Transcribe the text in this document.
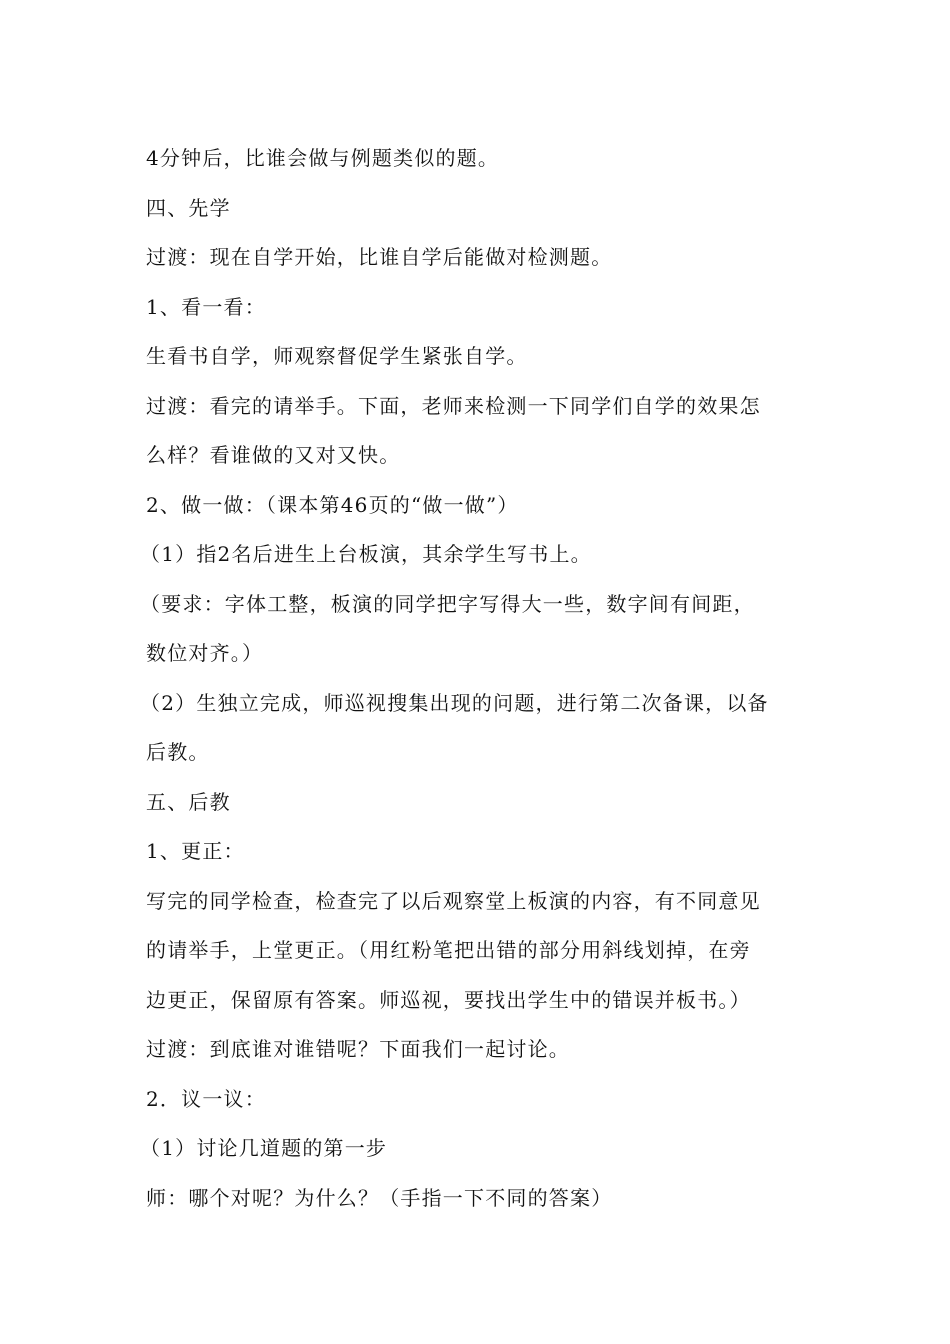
4分钟后，比谁会做与例题类似的题。
四、先学
过渡：现在自学开始，比谁自学后能做对检测题。
1、看一看：
生看书自学，师观察督促学生紧张自学。
过渡：看完的请举手。下面，老师来检测一下同学们自学的效果怎
么样？看谁做的又对又快。
2、做一做：（课本第46页的“做一做”）
（1）指2名后进生上台板演，其余学生写书上。
（要求：字体工整，板演的同学把字写得大一些，数字间有间距，
数位对齐。）
（2）生独立完成，师巡视搜集出现的问题，进行第二次备课，以备
后教。
五、后教
1、更正：
写完的同学检查，检查完了以后观察堂上板演的内容，有不同意见
的请举手，上堂更正。（用红粉笔把出错的部分用斜线划掉，在旁
边更正，保留原有答案。师巡视，要找出学生中的错误并板书。）
过渡：到底谁对谁错呢？下面我们一起讨论。
2．议一议：
（1）讨论几道题的第一步
师：哪个对呢？为什么？（手指一下不同的答案）
